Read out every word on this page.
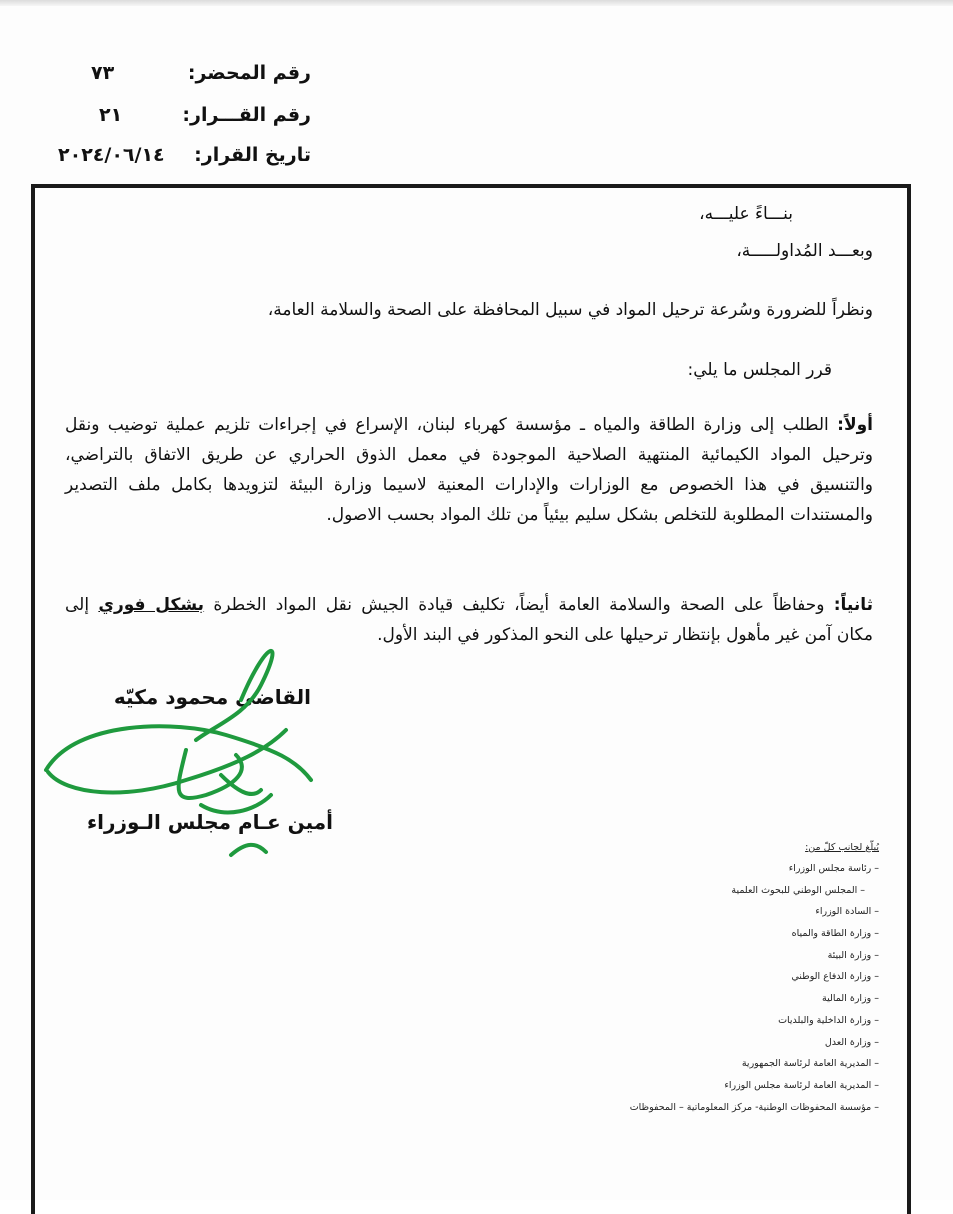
رقم المحضر:
٧٣
رقم القـــرار:
٢١
تاريخ القرار:
٢٠٢٤/٠٦/١٤
بنـــاءً عليـــه،
وبعـــد المُداولـــــة،
ونظراً للضرورة وسُرعة ترحيل المواد في سبيل المحافظة على الصحة والسلامة العامة،
قرر المجلس ما يلي:
أولاً: الطلب إلى وزارة الطاقة والمياه ـ مؤسسة كهرباء لبنان، الإسراع في إجراءات تلزيم عملية توضيب ونقل
وترحيل المواد الكيمائية المنتهية الصلاحية الموجودة في معمل الذوق الحراري عن طريق الاتفاق بالتراضي،
والتنسيق في هذا الخصوص مع الوزارات والإدارات المعنية لاسيما وزارة البيئة لتزويدها بكامل ملف التصدير
والمستندات المطلوبة للتخلص بشكل سليم بيئياً من تلك المواد بحسب الاصول.
ثانياً: وحفاظاً على الصحة والسلامة العامة أيضاً، تكليف قيادة الجيش نقل المواد الخطرة بشكل فوري إلى
مكان آمن غير مأهول بإنتظار ترحيلها على النحو المذكور في البند الأول.
القاضي محمود مكيّه
أمين عـام مجلس الـوزراء
يُبلّغ لجانب كلّ من:
– رئاسة مجلس الوزراء
– المجلس الوطني للبحوث العلمية
– السادة الوزراء
– وزارة الطاقة والمياه
– وزارة البيئة
– وزارة الدفاع الوطني
– وزارة المالية
– وزارة الداخلية والبلديات
– وزارة العدل
– المديرية العامة لرئاسة الجمهورية
– المديرية العامة لرئاسة مجلس الوزراء
– مؤسسة المحفوظات الوطنية- مركز المعلوماتية – المحفوظات
